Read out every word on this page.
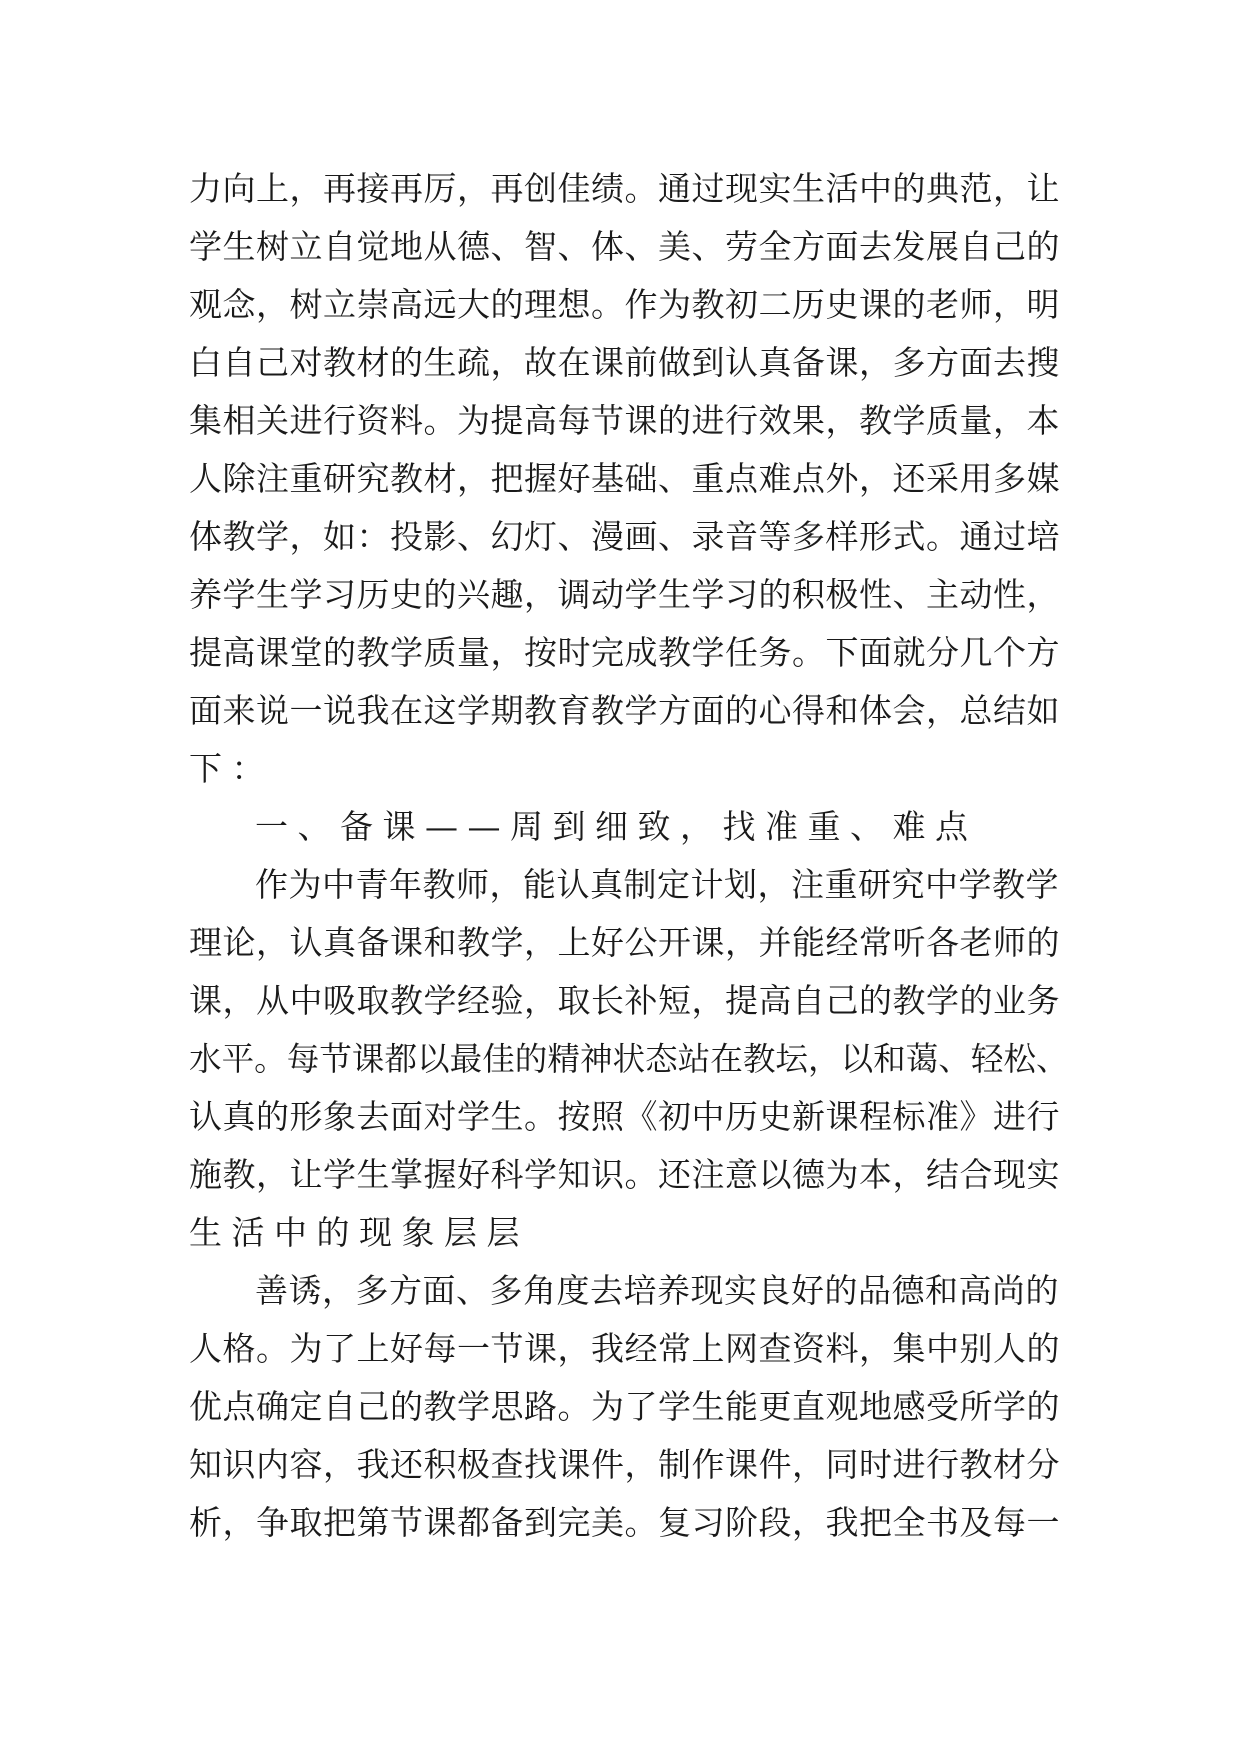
力向上，再接再厉，再创佳绩。通过现实生活中的典范，让
学生树立自觉地从德、智、体、美、劳全方面去发展自己的
观念，树立崇高远大的理想。作为教初二历史课的老师，明
白自己对教材的生疏，故在课前做到认真备课，多方面去搜
集相关进行资料。为提高每节课的进行效果，教学质量，本
人除注重研究教材，把握好基础、重点难点外，还采用多媒
体教学，如：投影、幻灯、漫画、录音等多样形式。通过培
养学生学习历史的兴趣，调动学生学习的积极性、主动性，
提高课堂的教学质量，按时完成教学任务。下面就分几个方
面来说一说我在这学期教育教学方面的心得和体会，总结如
下：
一、备课——周到细致，找准重、难点
作为中青年教师，能认真制定计划，注重研究中学教学
理论，认真备课和教学，上好公开课，并能经常听各老师的
课，从中吸取教学经验，取长补短，提高自己的教学的业务
水平。每节课都以最佳的精神状态站在教坛，以和蔼、轻松、
认真的形象去面对学生。按照《初中历史新课程标准》进行
施教，让学生掌握好科学知识。还注意以德为本，结合现实
生活中的现象层层
善诱，多方面、多角度去培养现实良好的品德和高尚的
人格。为了上好每一节课，我经常上网查资料，集中别人的
优点确定自己的教学思路。为了学生能更直观地感受所学的
知识内容，我还积极查找课件，制作课件，同时进行教材分
析，争取把第节课都备到完美。复习阶段，我把全书及每一
